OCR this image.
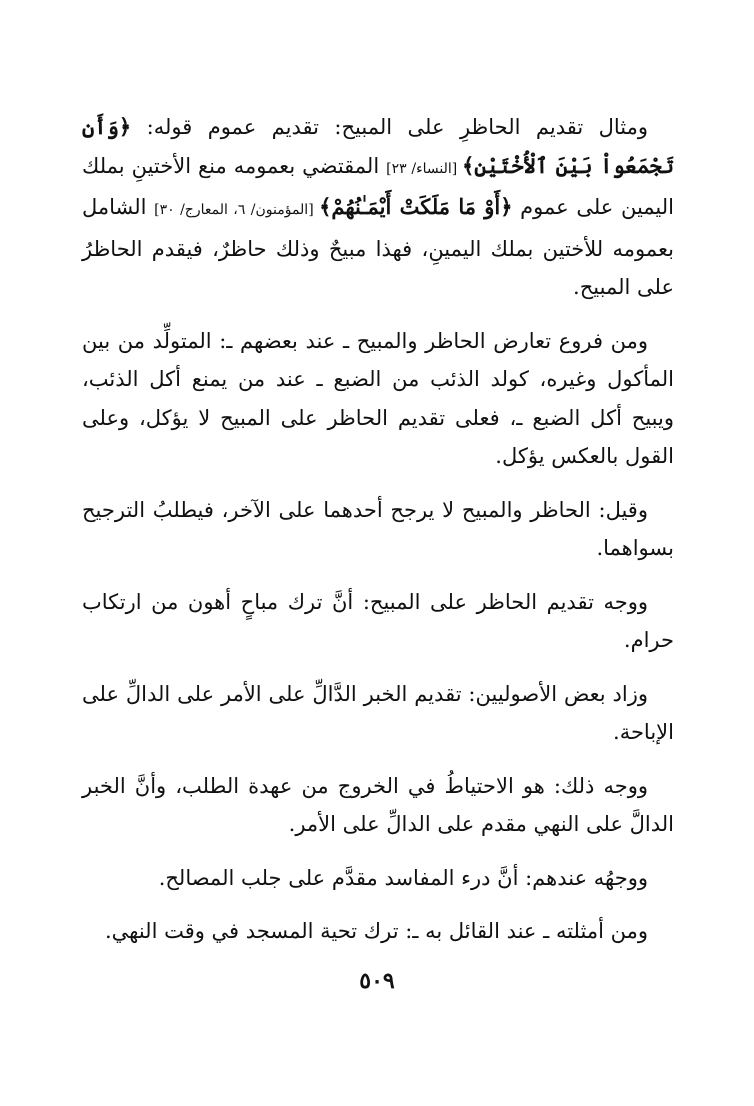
ومثال تقديم الحاظرِ على المبيح: تقديم عموم قوله: ﴿وَأَن تَجْمَعُواْ بَيْنَ ٱلْأُخْتَيْنِ﴾ [النساء/ ٢٣] المقتضي بعمومه منع الأختينِ بملك اليمين على عموم ﴿أَوْ مَا مَلَكَتْ أَيْمَـٰنُهُمْ﴾ [المؤمنون/ ٦، المعارج/ ٣٠] الشامل بعمومه للأختين بملك اليمينِ، فهذا مبيحٌ وذلك حاظرٌ، فيقدم الحاظرُ على المبيح.

ومن فروع تعارض الحاظر والمبيح ـ عند بعضهم ـ: المتولِّد من بين المأكول وغيره، كولد الذئب من الضبع ـ عند من يمنع أكل الذئب، ويبيح أكل الضبع ـ، فعلى تقديم الحاظر على المبيح لا يؤكل، وعلى القول بالعكس يؤكل.

وقيل: الحاظر والمبيح لا يرجح أحدهما على الآخر، فيطلبُ الترجيح بسواهما.

ووجه تقديم الحاظر على المبيح: أنَّ ترك مباحٍ أهون من ارتكاب حرام.

وزاد بعض الأصوليين: تقديم الخبر الدَّالِّ على الأمر على الدالِّ على الإباحة.

ووجه ذلك: هو الاحتياطُ في الخروج من عهدة الطلب، وأنَّ الخبر الدالَّ على النهي مقدم على الدالِّ على الأمر.

ووجهُه عندهم: أنَّ درء المفاسد مقدَّم على جلب المصالح.

ومن أمثلته ـ عند القائل به ـ: ترك تحية المسجد في وقت النهي.

٥٠٩
